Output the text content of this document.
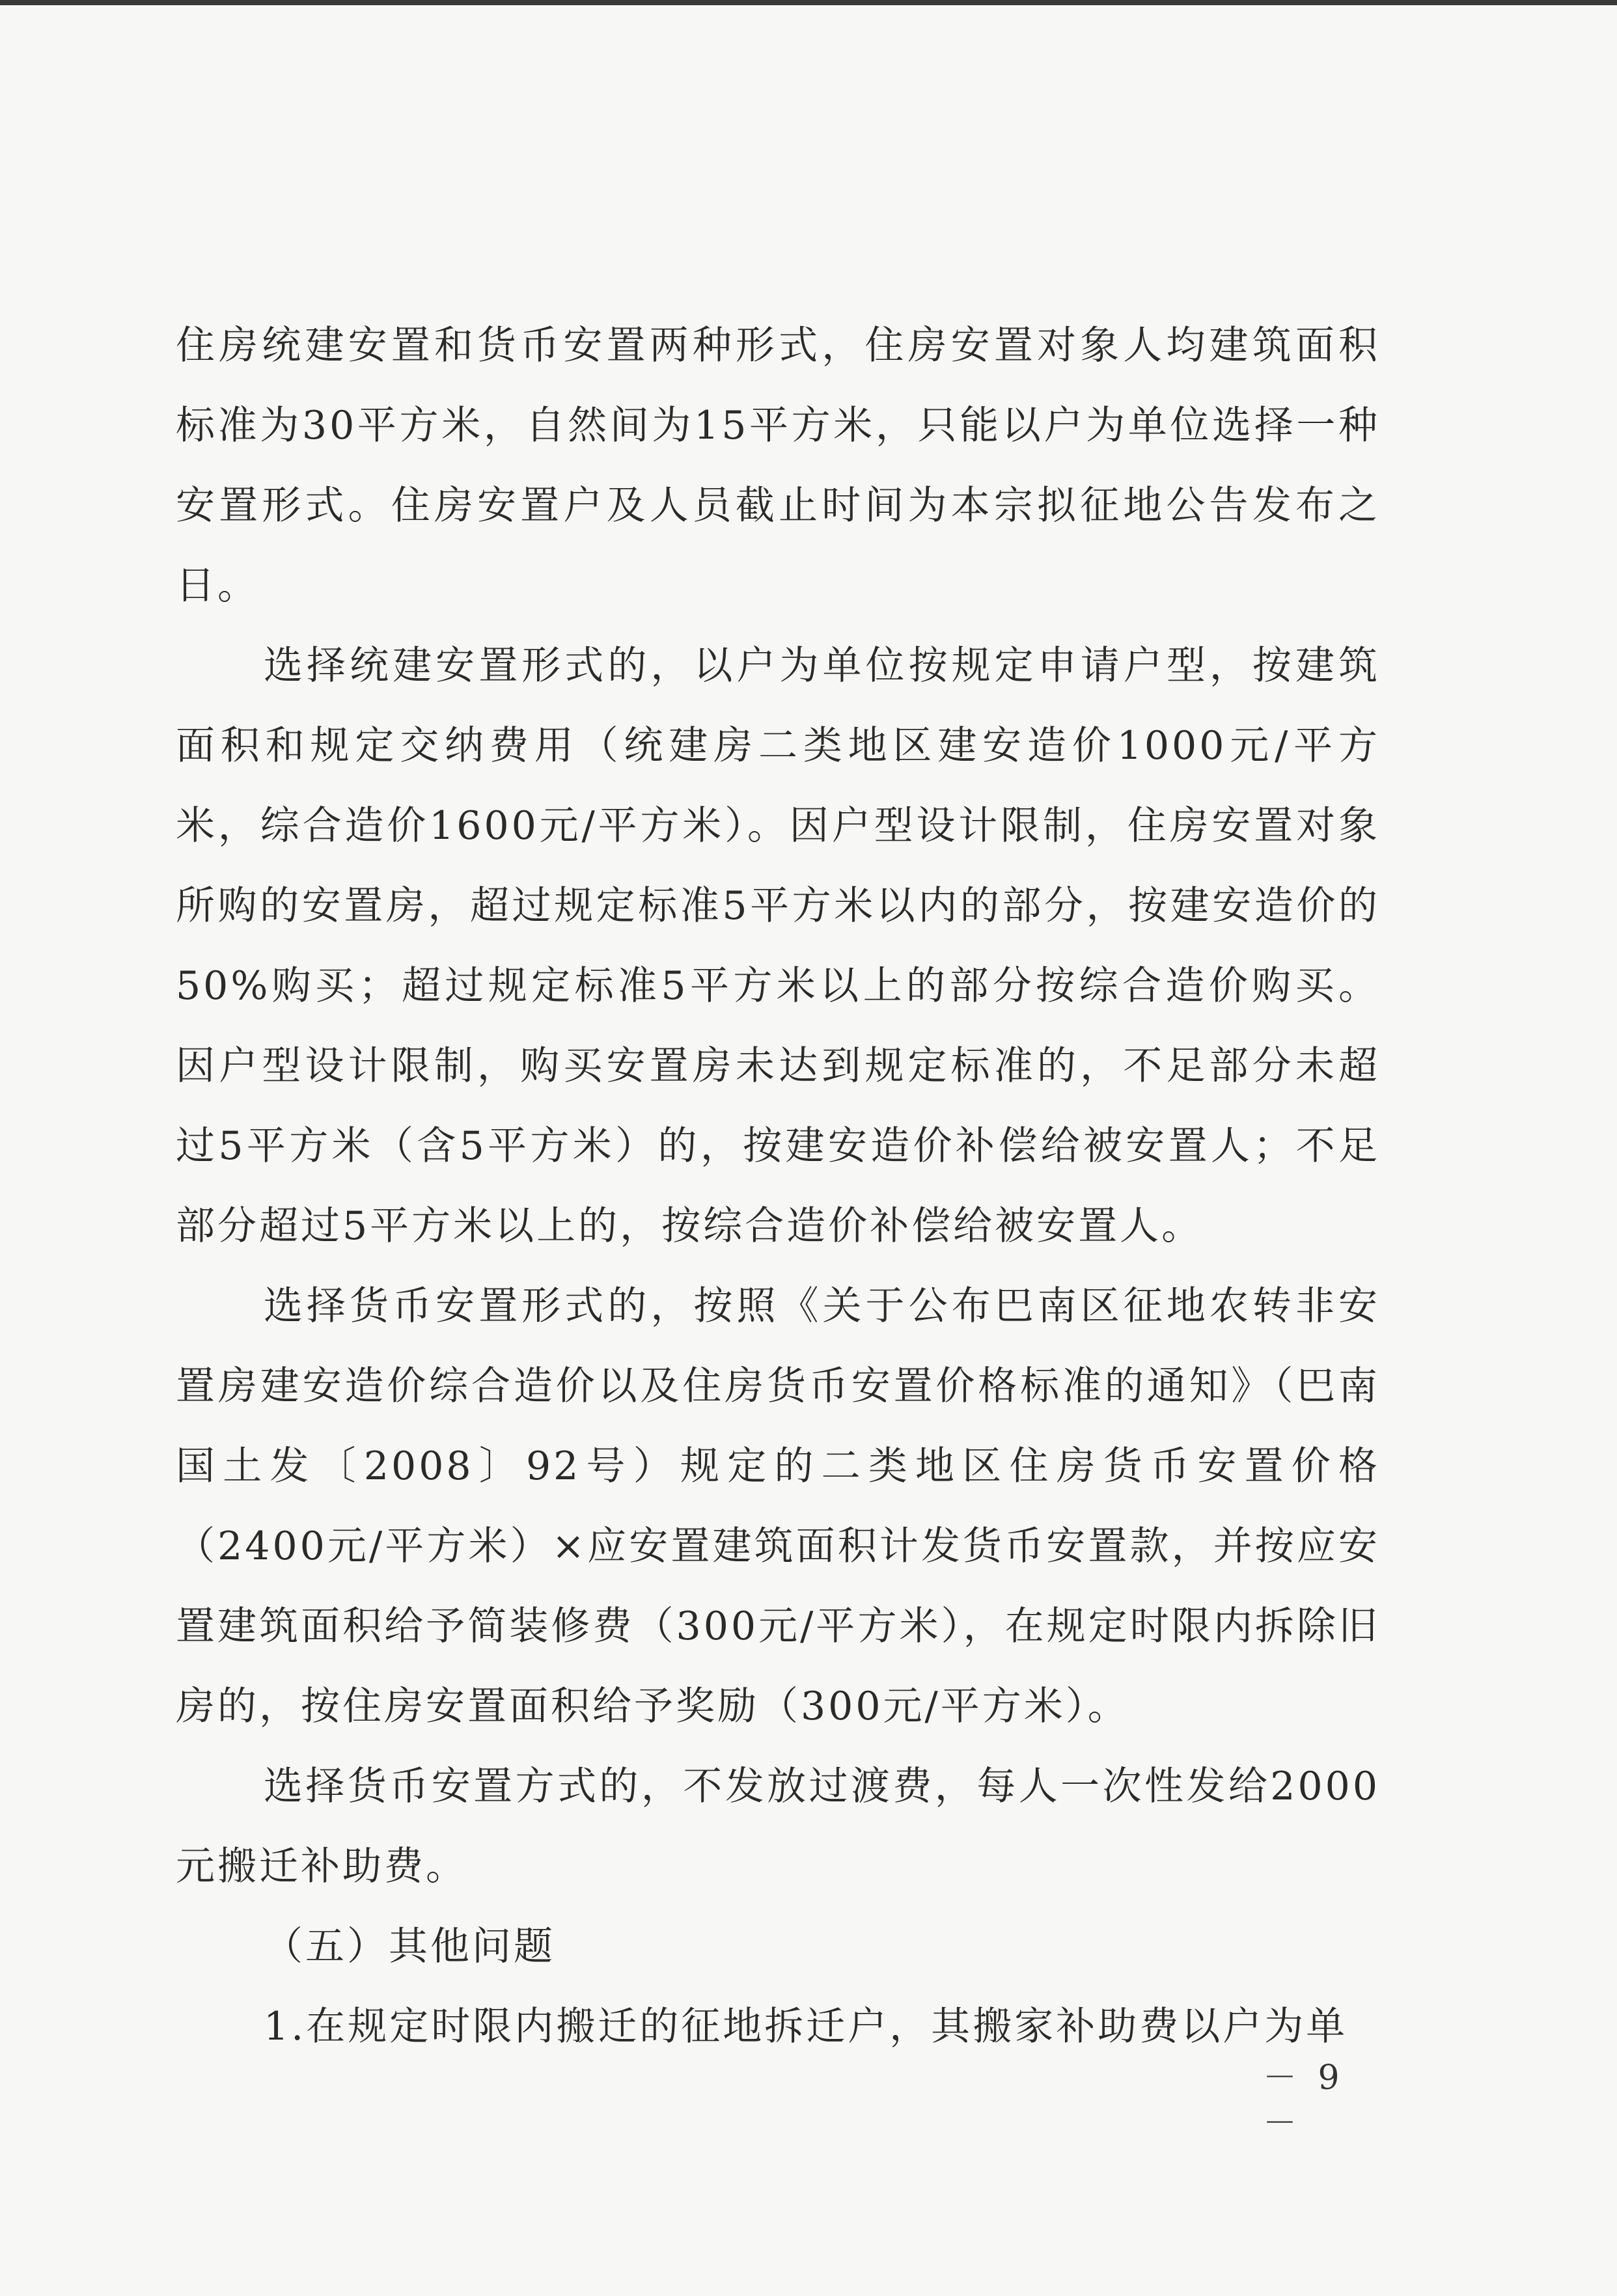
住房统建安置和货币安置两种形式，住房安置对象人均建筑面积标准为30平方米，自然间为15平方米，只能以户为单位选择一种安置形式。住房安置户及人员截止时间为本宗拟征地公告发布之日。

选择统建安置形式的，以户为单位按规定申请户型，按建筑面积和规定交纳费用（统建房二类地区建安造价1000元/平方米，综合造价1600元/平方米）。因户型设计限制，住房安置对象所购的安置房，超过规定标准5平方米以内的部分，按建安造价的50%购买；超过规定标准5平方米以上的部分按综合造价购买。因户型设计限制，购买安置房未达到规定标准的，不足部分未超过5平方米（含5平方米）的，按建安造价补偿给被安置人；不足部分超过5平方米以上的，按综合造价补偿给被安置人。

选择货币安置形式的，按照《关于公布巴南区征地农转非安置房建安造价综合造价以及住房货币安置价格标准的通知》（巴南国土发〔2008〕92号）规定的二类地区住房货币安置价格（2400元/平方米）×应安置建筑面积计发货币安置款，并按应安置建筑面积给予简装修费（300元/平方米），在规定时限内拆除旧房的，按住房安置面积给予奖励（300元/平方米）。

选择货币安置方式的，不发放过渡费，每人一次性发给2000元搬迁补助费。

（五）其他问题

1.在规定时限内搬迁的征地拆迁户，其搬家补助费以户为单

－ 9 －
